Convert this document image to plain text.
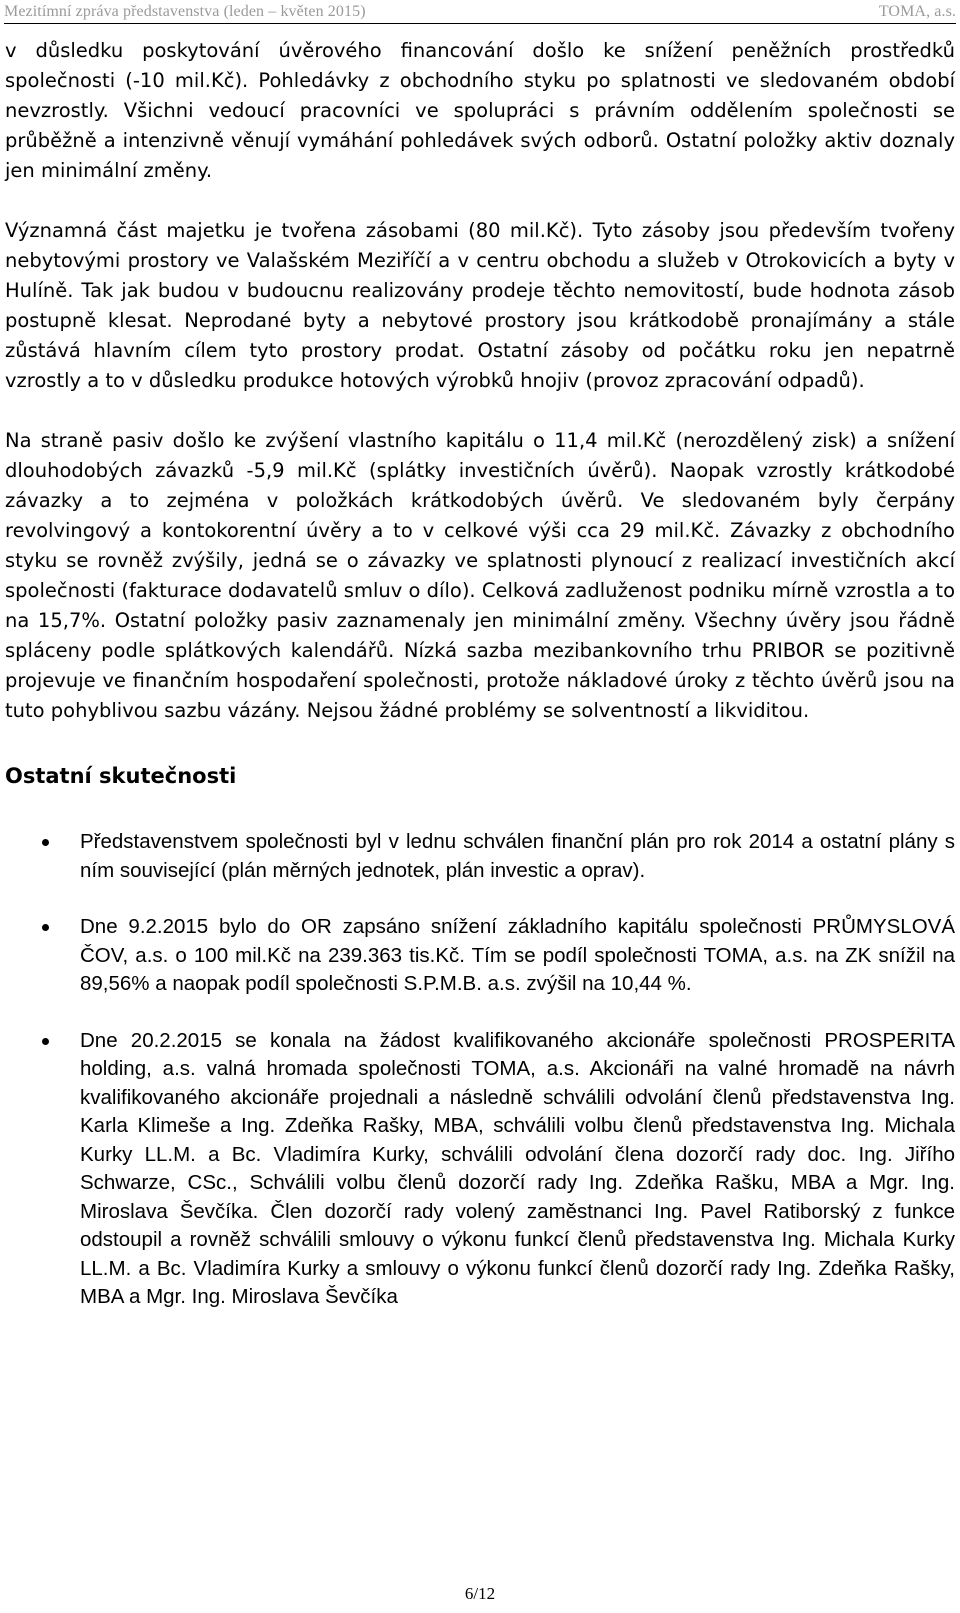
Mezitímní zpráva představenstva (leden – květen 2015)	TOMA, a.s.

v důsledku poskytování úvěrového financování došlo ke snížení peněžních prostředků společnosti (-10 mil.Kč). Pohledávky z obchodního styku po splatnosti ve sledovaném období nevzrostly. Všichni vedoucí pracovníci ve spolupráci s právním oddělením společnosti se průběžně a intenzivně věnují vymáhání pohledávek svých odborů. Ostatní položky aktiv doznaly jen minimální změny.

Významná část majetku je tvořena zásobami (80 mil.Kč). Tyto zásoby jsou především tvořeny nebytovými prostory ve Valašském Meziříčí a v centru obchodu a služeb v Otrokovicích a byty v Hulíně. Tak jak budou v budoucnu realizovány prodeje těchto nemovitostí, bude hodnota zásob postupně klesat. Neprodané byty a nebytové prostory jsou krátkodobě pronajímány a stále zůstává hlavním cílem tyto prostory prodat. Ostatní zásoby od počátku roku jen nepatrně vzrostly a to v důsledku produkce hotových výrobků hnojiv (provoz zpracování odpadů).

Na straně pasiv došlo ke zvýšení vlastního kapitálu o 11,4 mil.Kč (nerozdělený zisk) a snížení dlouhodobých závazků -5,9 mil.Kč (splátky investičních úvěrů). Naopak vzrostly krátkodobé závazky a to zejména v položkách krátkodobých úvěrů. Ve sledovaném byly čerpány revolvingový a kontokorentní úvěry a to v celkové výši cca 29 mil.Kč. Závazky z obchodního styku se rovněž zvýšily, jedná se o závazky ve splatnosti plynoucí z realizací investičních akcí společnosti (fakturace dodavatelů smluv o dílo). Celková zadluženost podniku mírně vzrostla a to na 15,7%. Ostatní položky pasiv zaznamenaly jen minimální změny. Všechny úvěry jsou řádně spláceny podle splátkových kalendářů. Nízká sazba mezibankovního trhu PRIBOR se pozitivně projevuje ve finančním hospodaření společnosti, protože nákladové úroky z těchto úvěrů jsou na tuto pohyblivou sazbu vázány. Nejsou žádné problémy se solventností a likviditou.

Ostatní skutečnosti
Představenstvem společnosti byl v lednu schválen finanční plán pro rok 2014 a ostatní plány s ním související (plán měrných jednotek, plán investic a oprav).
Dne 9.2.2015 bylo do OR zapsáno snížení základního kapitálu společnosti PRŮMYSLOVÁ ČOV, a.s. o 100 mil.Kč na 239.363 tis.Kč. Tím se podíl společnosti TOMA, a.s. na ZK snížil na 89,56% a naopak podíl společnosti S.P.M.B. a.s. zvýšil na 10,44 %.
Dne 20.2.2015 se konala na žádost kvalifikovaného akcionáře společnosti PROSPERITA holding, a.s. valná hromada společnosti TOMA, a.s. Akcionáři na valné hromadě na návrh kvalifikovaného akcionáře projednali a následně schválili odvolání členů představenstva Ing. Karla Klimeše a Ing. Zdeňka Rašky, MBA, schválili volbu členů představenstva Ing. Michala Kurky LL.M. a Bc. Vladimíra Kurky, schválili odvolání člena dozorčí rady doc. Ing. Jiřího Schwarze, CSc., Schválili volbu členů dozorčí rady Ing. Zdeňka Rašku, MBA a Mgr. Ing. Miroslava Ševčíka. Člen dozorčí rady volený zaměstnanci Ing. Pavel Ratiborský z funkce odstoupil a rovněž schválili smlouvy o výkonu funkcí členů představenstva Ing. Michala Kurky LL.M. a Bc. Vladimíra Kurky a smlouvy o výkonu funkcí členů dozorčí rady Ing. Zdeňka Rašky, MBA a Mgr. Ing. Miroslava Ševčíka
6/12
